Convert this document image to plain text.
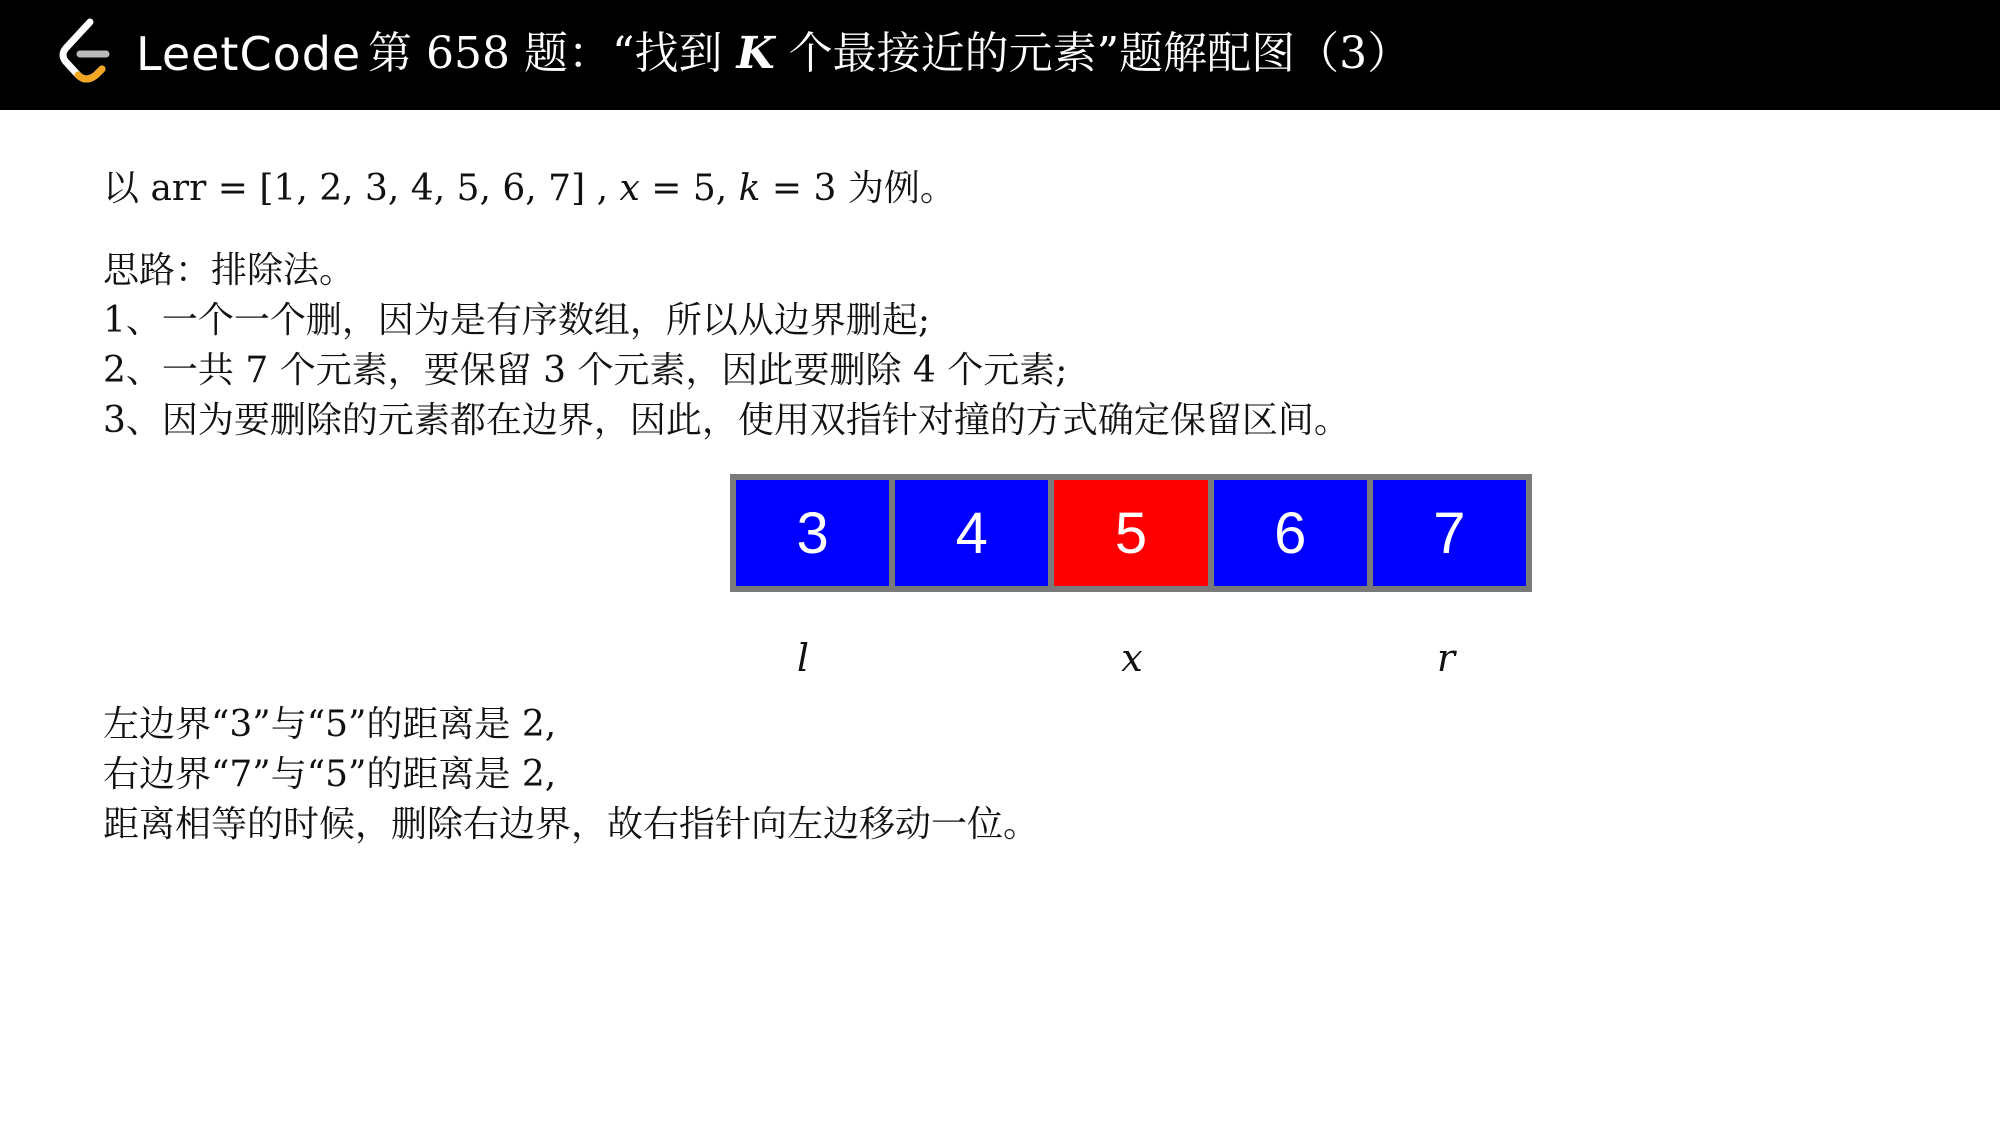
LeetCode 第 658 题：“找到 K 个最接近的元素”题解配图（3）
以 arr = [1, 2, 3, 4, 5, 6, 7] , x = 5, k = 3 为例。
思路：排除法。
1、一个一个删，因为是有序数组，所以从边界删起;
2、一共 7 个元素，要保留 3 个元素，因此要删除 4 个元素;
3、因为要删除的元素都在边界，因此，使用双指针对撞的方式确定保留区间。
3	4	5	6	7
l	x	r
左边界“3”与“5”的距离是 2,
右边界“7”与“5”的距离是 2,
距离相等的时候，删除右边界，故右指针向左边移动一位。
